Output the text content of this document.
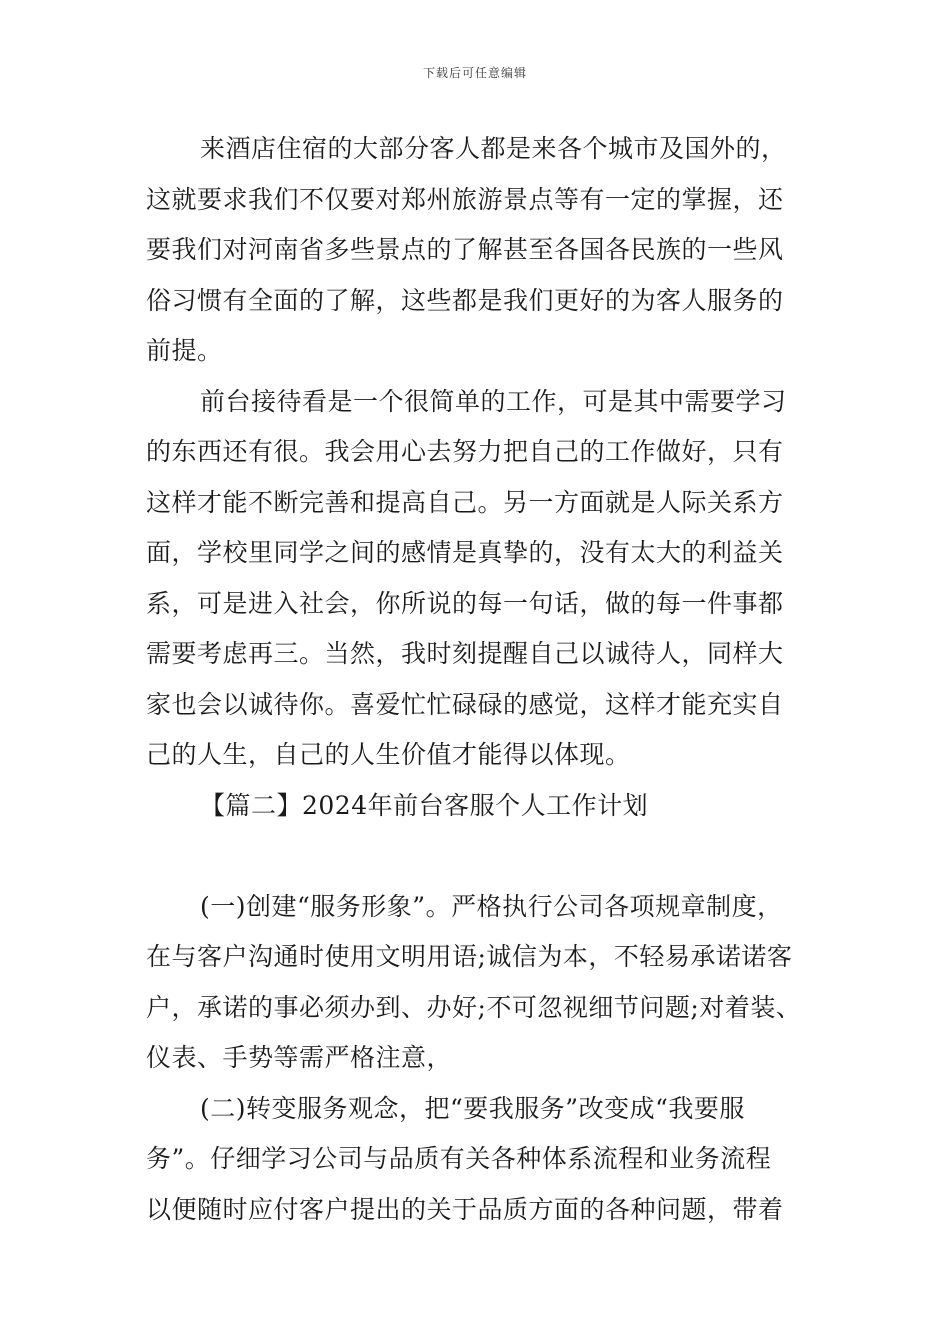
下载后可任意编辑
来酒店住宿的大部分客人都是来各个城市及国外的，
这就要求我们不仅要对郑州旅游景点等有一定的掌握，还
要我们对河南省多些景点的了解甚至各国各民族的一些风
俗习惯有全面的了解，这些都是我们更好的为客人服务的
前提。
前台接待看是一个很简单的工作，可是其中需要学习
的东西还有很。我会用心去努力把自己的工作做好，只有
这样才能不断完善和提高自己。另一方面就是人际关系方
面，学校里同学之间的感情是真挚的，没有太大的利益关
系，可是进入社会，你所说的每一句话，做的每一件事都
需要考虑再三。当然，我时刻提醒自己以诚待人，同样大
家也会以诚待你。喜爱忙忙碌碌的感觉，这样才能充实自
己的人生，自己的人生价值才能得以体现。
【篇二】2024年前台客服个人工作计划
(一)创建“服务形象”。严格执行公司各项规章制度，
在与客户沟通时使用文明用语;诚信为本，不轻易承诺诺客
户，承诺的事必须办到、办好;不可忽视细节问题;对着装、
仪表、手势等需严格注意，
(二)转变服务观念，把“要我服务”改变成“我要服
务”。仔细学习公司与品质有关各种体系流程和业务流程
以便随时应付客户提出的关于品质方面的各种问题，带着
